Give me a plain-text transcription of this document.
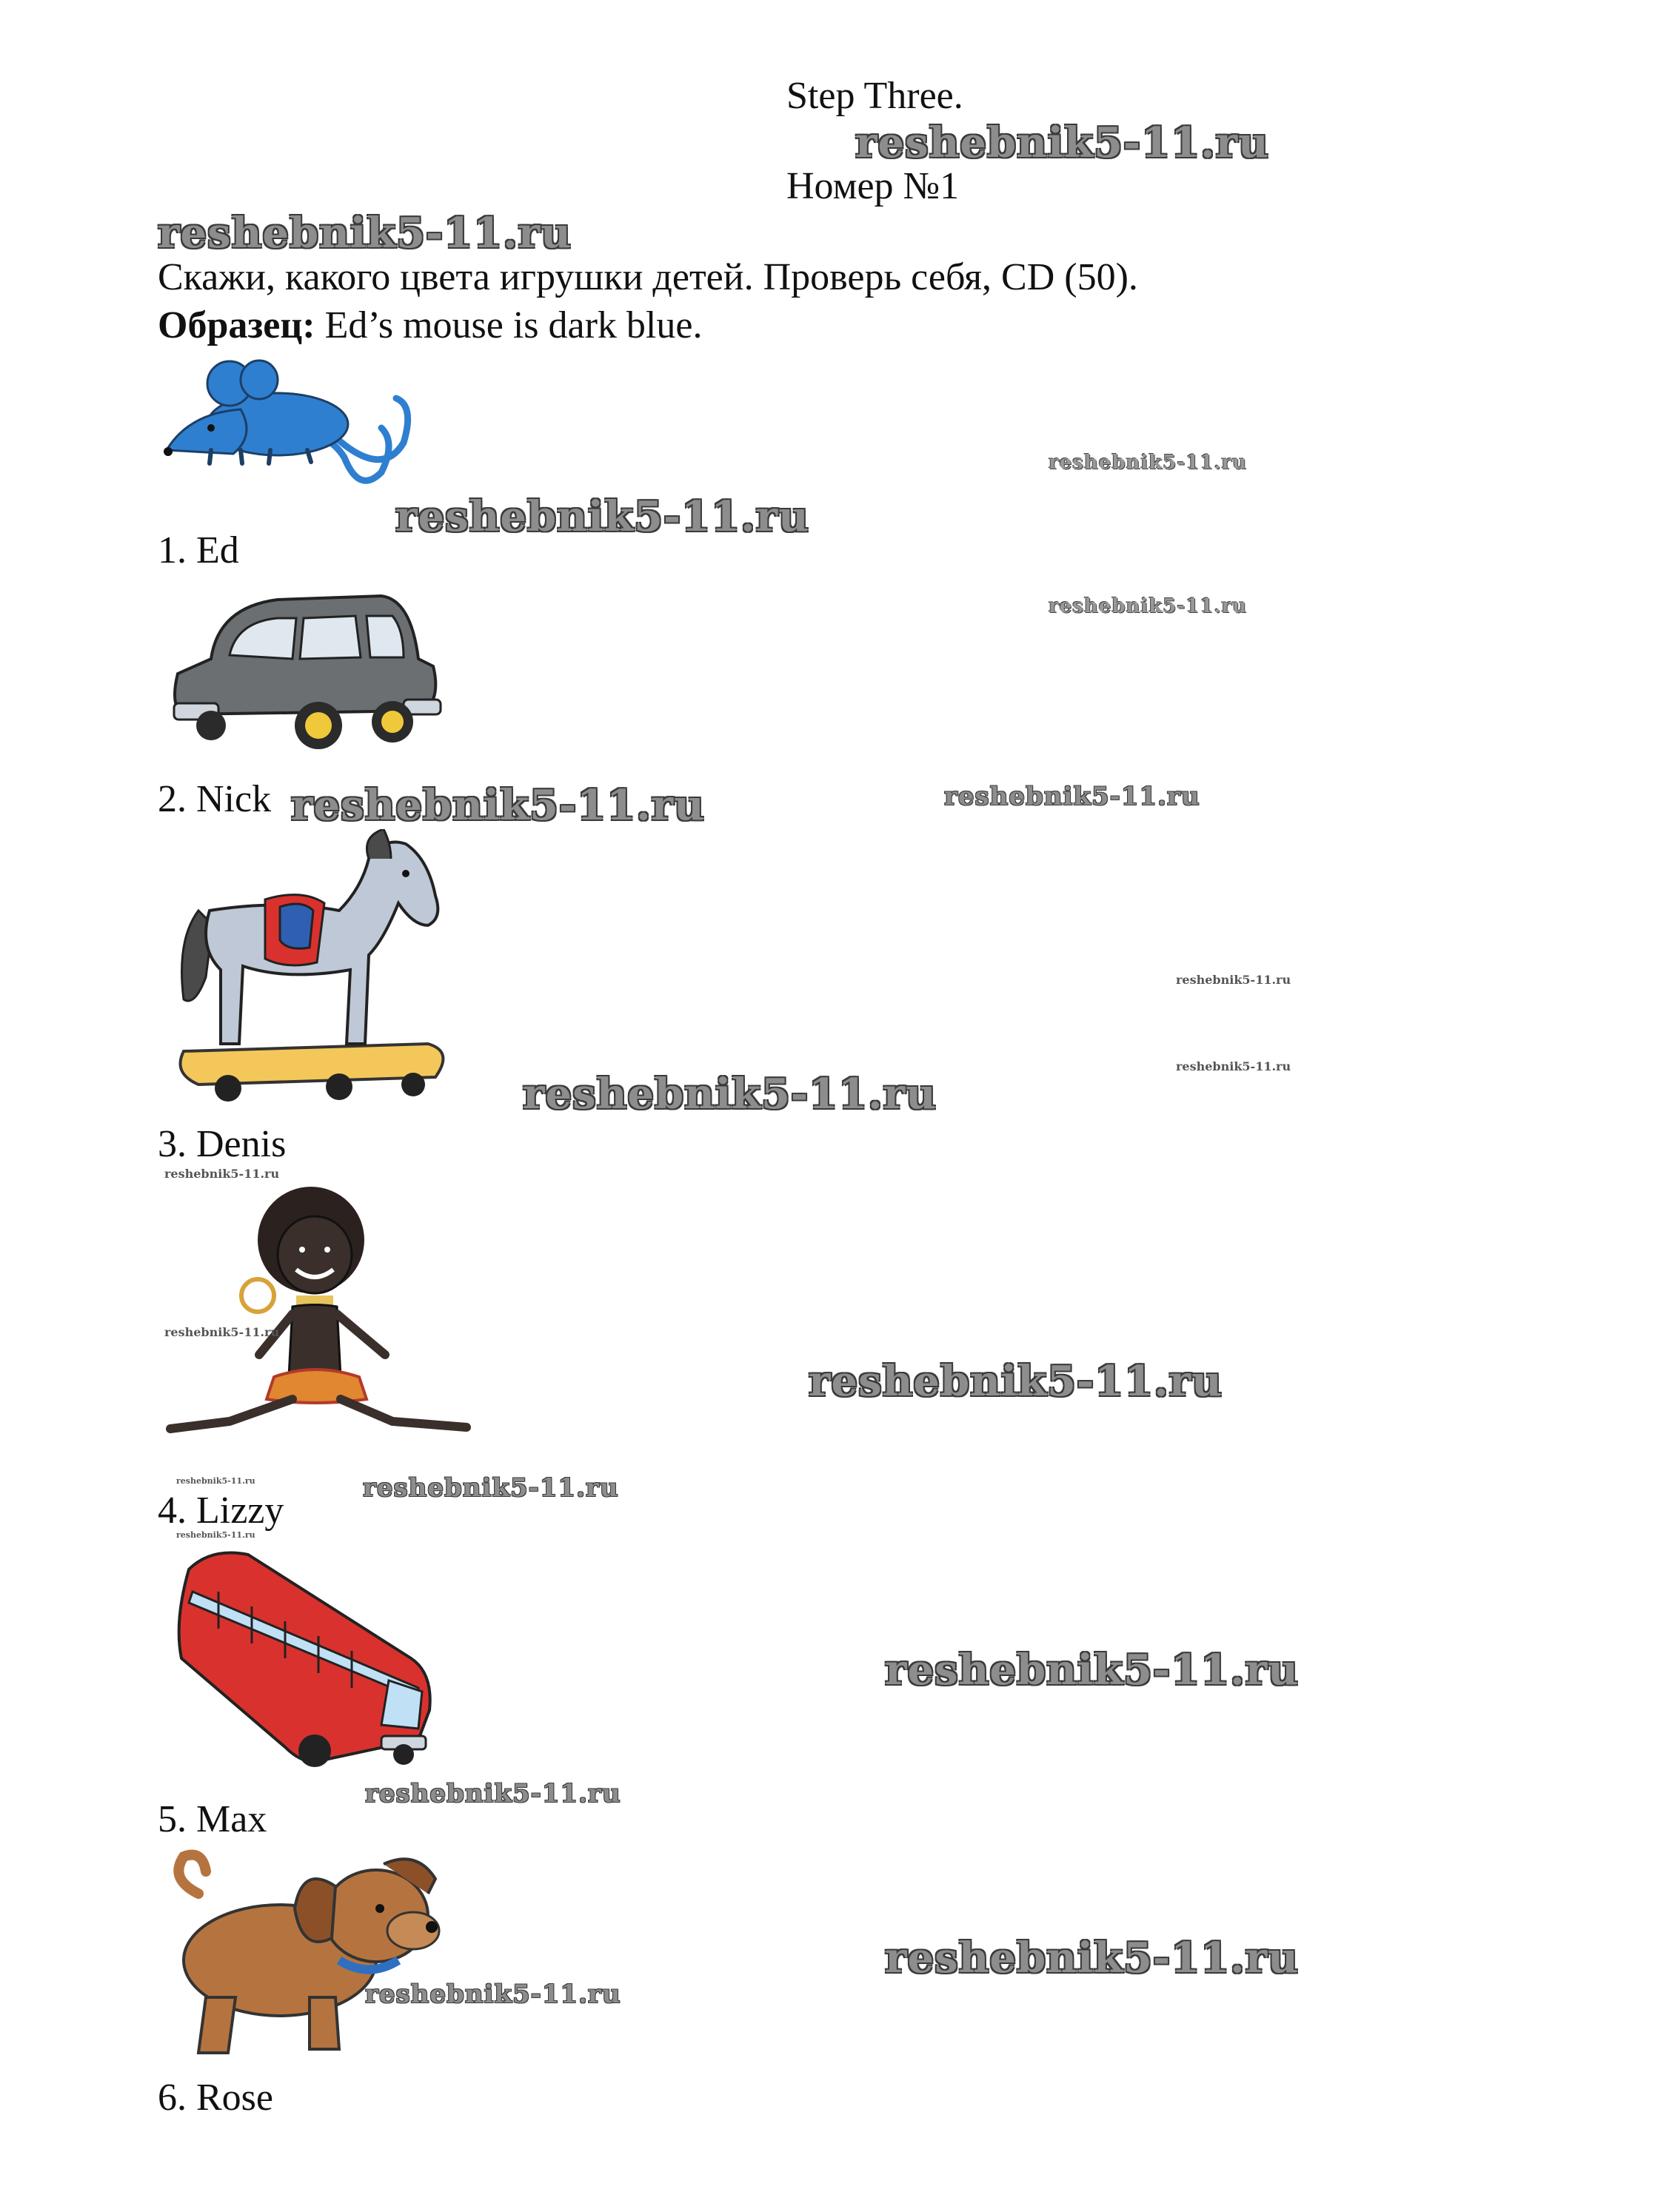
Step Three.
reshebnik5-11.ru
Номер №1
reshebnik5-11.ru
Скажи, какого цвета игрушки детей. Проверь себя, CD (50).
Образец: Ed’s mouse is dark blue.
reshebnik5-11.ru
reshebnik5-11.ru
1. Ed
reshebnik5-11.ru
2. Nick reshebnik5-11.ru	reshebnik5-11.ru
reshebnik5-11.ru
reshebnik5-11.ru
reshebnik5-11.ru
3. Denis
reshebnik5-11.ru
reshebnik5-11.ru
reshebnik5-11.ru
reshebnik5-11.ru	reshebnik5-11.ru
4. Lizzy
reshebnik5-11.ru
reshebnik5-11.ru
reshebnik5-11.ru
5. Max
reshebnik5-11.ru
reshebnik5-11.ru
6. Rose
